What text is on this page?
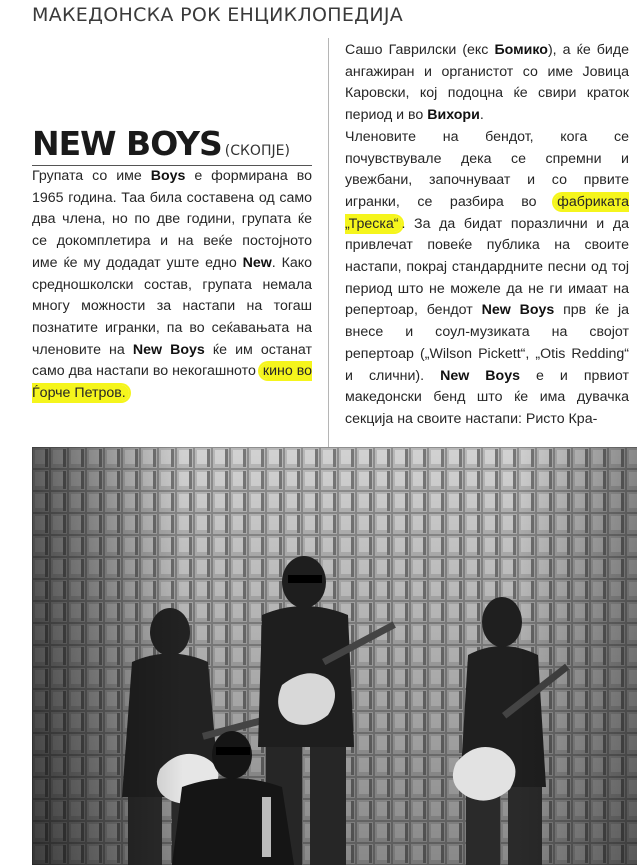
МАКЕДОНСКА РОК ЕНЦИКЛОПЕДИЈА
NEW BOYS (СКОПЈЕ)

Групата со име Boys е формирана во 1965 година. Таа била составена од само два члена, но по две години, групата ќе се докомплетира и на веќе постојното име ќе му додадат уште едно New. Како средношколски состав, групата немала многу можности за настапи на тогаш познатите игранки, па во сеќавањата на членовите на New Boys ќе им останат само два настапи во некогашното кино во Ѓорче Петров.

Сашо Гаврилски (екс Бомико), а ќе биде ангажиран и органистот со име Јовица Каровски, кој подоцна ќе свири краток период и во Вихори.

Членовите на бендот, кога се почувствувале дека се спремни и увежбани, започнуваат и со првите игранки, се разбира во фабриката „Треска“ . За да бидат поразлични и да привлечат повеќе публика на своите настапи, покрај стандардните песни од тој период што не можеле да не ги имаат на репертоар, бендот New Boys прв ќе ја внесе и соул-музиката на својот репертоар („Wilson Pickett“, „Otis Redding“ и слични). New Boys е и првиот македонски бенд што ќе има дувачка секција на своите настапи: Ристо Кра-
